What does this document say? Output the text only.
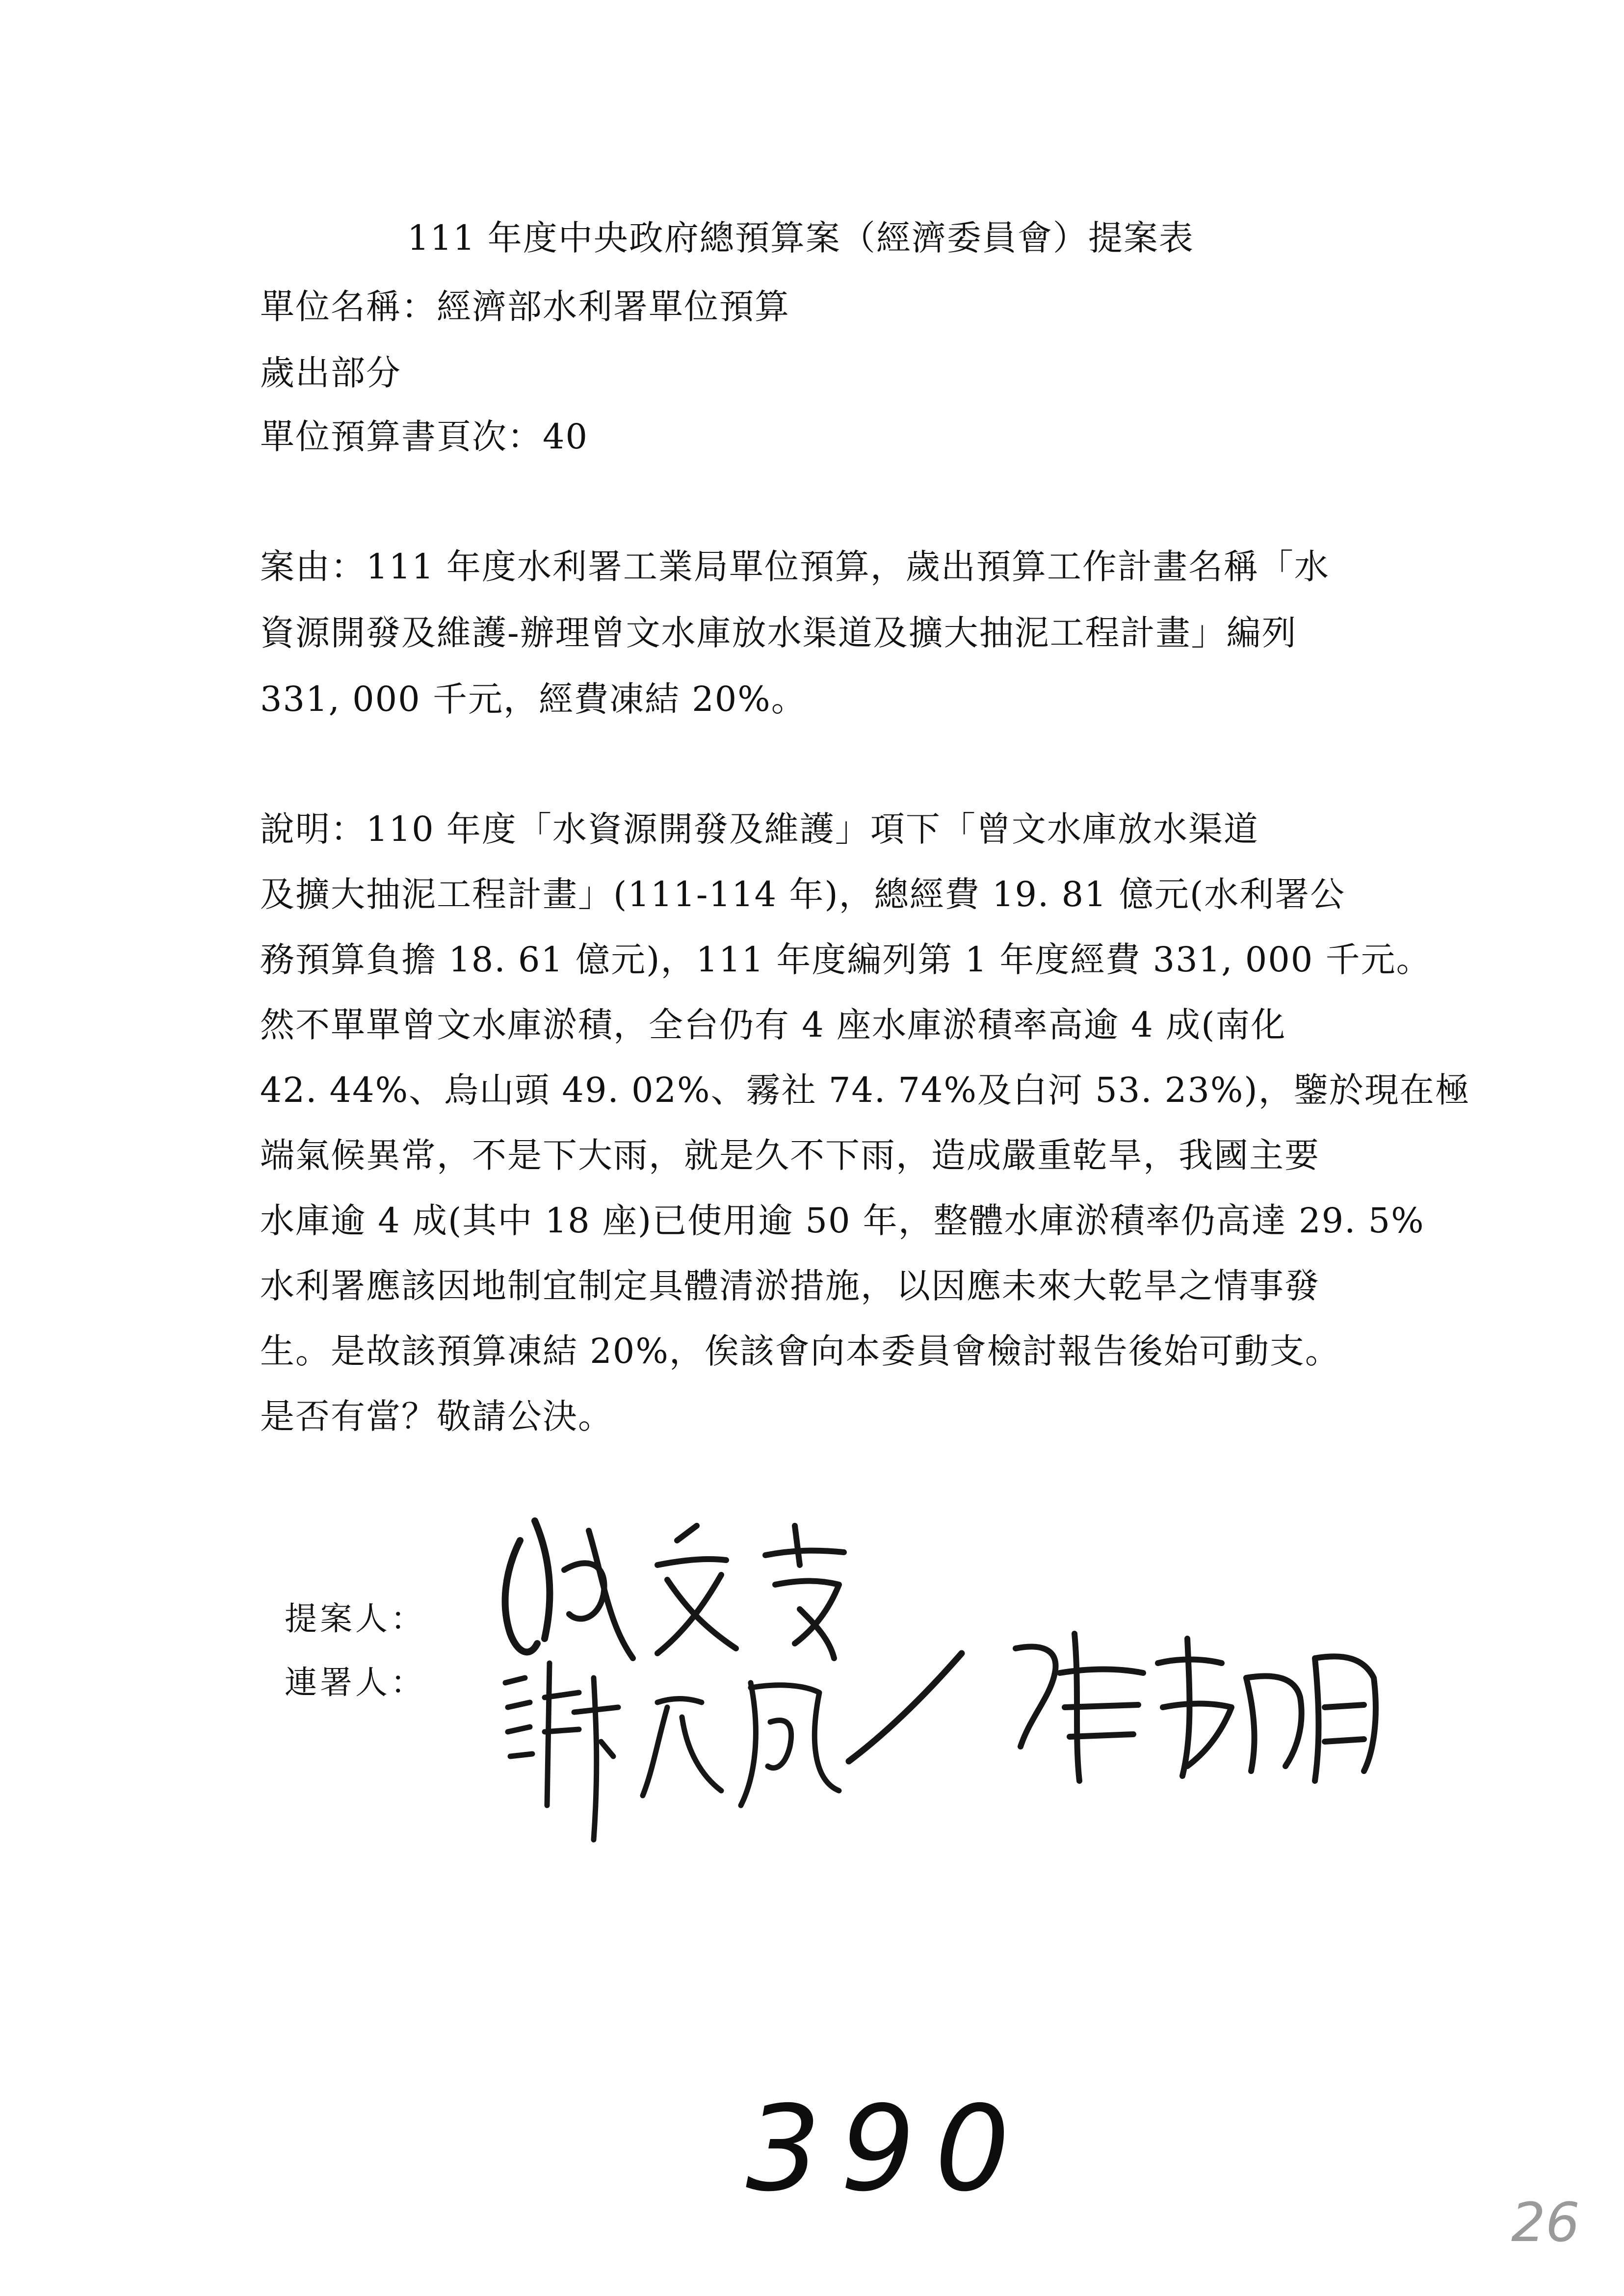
111 年度中央政府總預算案（經濟委員會）提案表
單位名稱：經濟部水利署單位預算
歲出部分
單位預算書頁次：40
案由：111 年度水利署工業局單位預算，歲出預算工作計畫名稱「水
資源開發及維護-辦理曾文水庫放水渠道及擴大抽泥工程計畫」編列
331, 000 千元，經費凍結 20%。
說明：110 年度「水資源開發及維護」項下「曾文水庫放水渠道
及擴大抽泥工程計畫」(111-114 年)，總經費 19. 81 億元(水利署公
務預算負擔 18. 61 億元)，111 年度編列第 1 年度經費 331, 000 千元。
然不單單曾文水庫淤積，全台仍有 4 座水庫淤積率高逾 4 成(南化
42. 44%、烏山頭 49. 02%、霧社 74. 74%及白河 53. 23%)，鑒於現在極
端氣候異常，不是下大雨，就是久不下雨，造成嚴重乾旱，我國主要
水庫逾 4 成(其中 18 座)已使用逾 50 年，整體水庫淤積率仍高達 29. 5%
水利署應該因地制宜制定具體清淤措施，以因應未來大乾旱之情事發
生。是故該預算凍結 20%，俟該會向本委員會檢討報告後始可動支。
是否有當？敬請公決。
提案人：
連署人：
390
26
